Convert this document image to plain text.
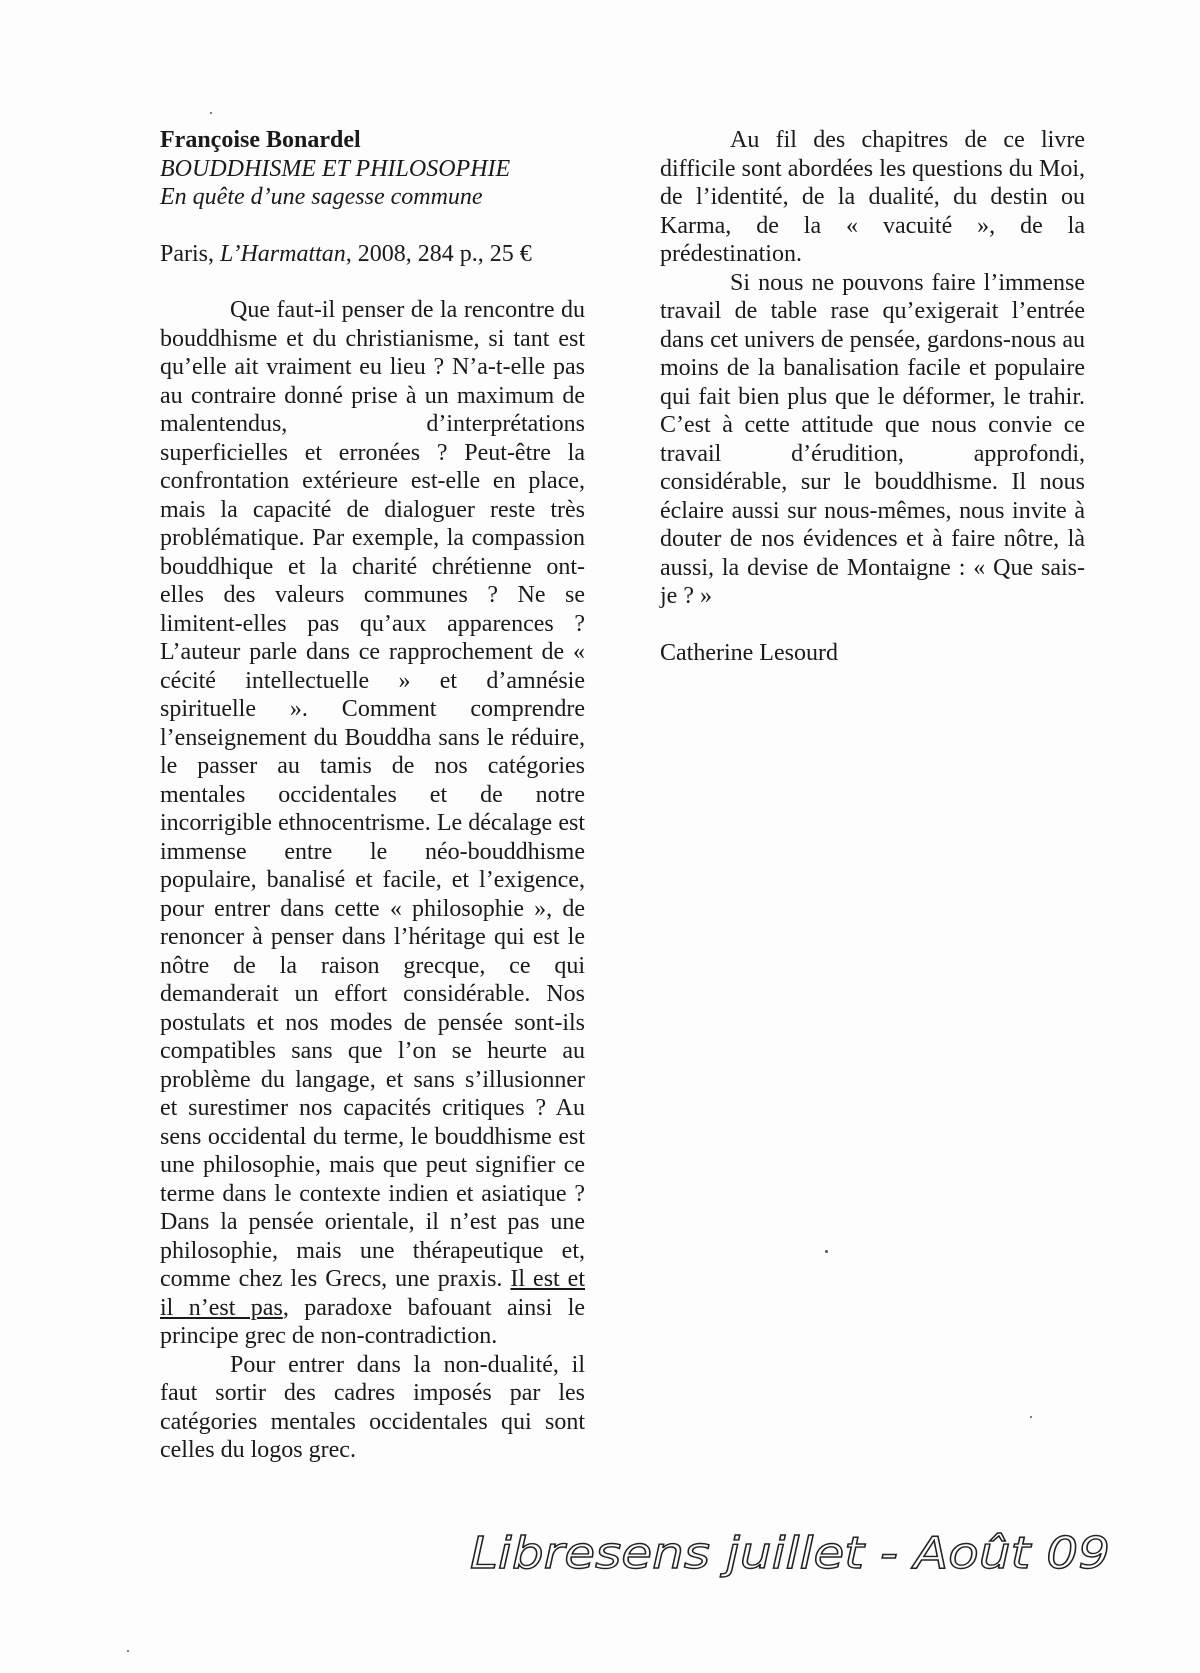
Françoise Bonardel

BOUDDHISME ET PHILOSOPHIE

En quête d’une sagesse commune

Paris, L’Harmattan, 2008, 284 p., 25 €

Que faut-il penser de la rencontre du bouddhisme et du christianisme, si tant est qu’elle ait vraiment eu lieu ? N’a-t-elle pas au contraire donné prise à un maximum de malentendus, d’interprétations superficielles et erronées ? Peut-être la confrontation extérieure est-elle en place, mais la capacité de dialoguer reste très problématique. Par exemple, la compassion bouddhique et la charité chrétienne ont-elles des valeurs communes ? Ne se limitent-elles pas qu’aux apparences ? L’auteur parle dans ce rapprochement de « cécité intellectuelle » et d’amnésie spirituelle ». Comment comprendre l’enseignement du Bouddha sans le réduire, le passer au tamis de nos catégories mentales occidentales et de notre incorrigible ethnocentrisme. Le décalage est immense entre le néo-bouddhisme populaire, banalisé et facile, et l’exigence, pour entrer dans cette « philosophie », de renoncer à penser dans l’héritage qui est le nôtre de la raison grecque, ce qui demanderait un effort considérable. Nos postulats et nos modes de pensée sont-ils compatibles sans que l’on se heurte au problème du langage, et sans s’illusionner et surestimer nos capacités critiques ? Au sens occidental du terme, le bouddhisme est une philosophie, mais que peut signifier ce terme dans le contexte indien et asiatique ? Dans la pensée orientale, il n’est pas une philosophie, mais une thérapeutique et, comme chez les Grecs, une praxis. Il est et il n’est pas, paradoxe bafouant ainsi le principe grec de non-contradiction.

Pour entrer dans la non-dualité, il faut sortir des cadres imposés par les catégories mentales occidentales qui sont celles du logos grec.

Au fil des chapitres de ce livre difficile sont abordées les questions du Moi, de l’identité, de la dualité, du destin ou Karma, de la « vacuité », de la prédestination.

Si nous ne pouvons faire l’immense travail de table rase qu’exigerait l’entrée dans cet univers de pensée, gardons-nous au moins de la banalisation facile et populaire qui fait bien plus que le déformer, le trahir. C’est à cette attitude que nous convie ce travail d’érudition, approfondi, considérable, sur le bouddhisme. Il nous éclaire aussi sur nous-mêmes, nous invite à douter de nos évidences et à faire nôtre, là aussi, la devise de Montaigne : « Que sais-je ? »

Catherine Lesourd

Libresens juillet - Août 09
